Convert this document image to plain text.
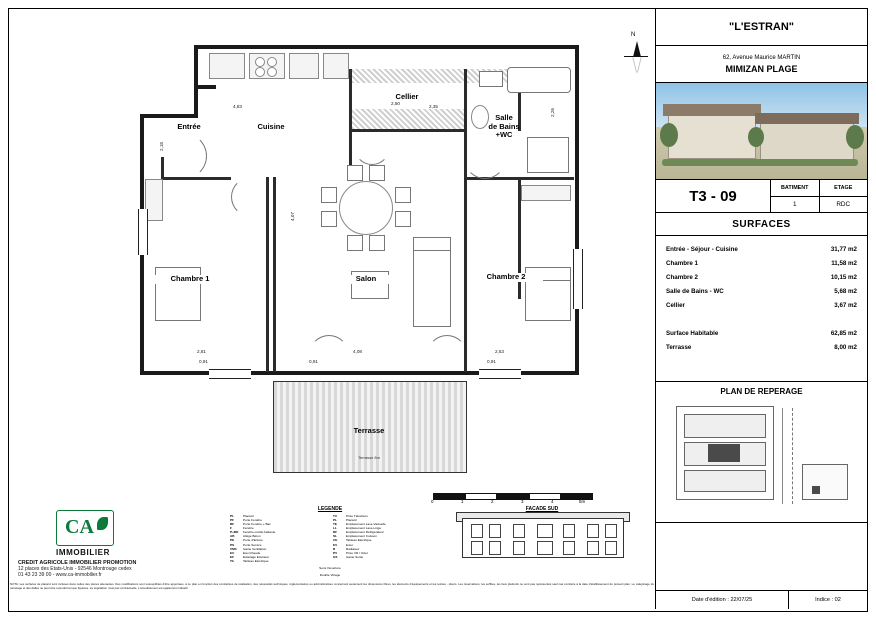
N
Terrasse
Terrasse 8m
Entrée	Cuisine
Cellier
Salle
de Bains
+WC
Chambre 1	Chambre 2
Salon
4,83
2,50
2,35
2,26
2,18
4,07
2,81	4,08	2,53
0,91	0,91	0,91
0	1	2	3	4	5m
CA
IMMOBILIER
CREDIT AGRICOLE IMMOBILIER PROMOTION
12 places des Etats-Unis - 92546 Montrouge cedex
01 43 23 39 00 - www.ca-immobilier.fr
LEGENDE
PL	Placard
PF	Porte Fenêtre
BF	Porte Fenêtre + Bac
F	Fenêtre
P+BD Fenêtre oscillo-battante
AB	Allège Béton
PE	Porte d'Entrée
PS	Porte Service
VMC Gaine Ventilation
EC	Eau Chaude
EF	Eclairage Extérieur
TA	Tableau Electrique
TV	Prise Télévision
PL	Placard
TE	Emplacement Lave-Vaisselle
LL	Emplacement Lave-Linge
RF	Emplacement Réfrigérateur
SL	Emplacement Cuisson
CE	Tableau Electrique
EV	Evier
R	Radiateur
PV	Prise VR / Volet
GS	Gaine Sortie
Sens Ouverture
Double Vitrage
FACADE SUD
NOTA: Les surfaces de placard sont incluses dans celles des pièces attenantes. Des modifications sont susceptibles d'être apportées, à ce plan en fonction des contraintes de réalisation, des nécessités techniques, réglementaires ou administratives concernant seulement les dimensions libres, les éléments d'équipements et les teintes - divers. Les réservations, les soffites, les faux plafonds ne sont pas représentés sauf cas contraire à la date d'établissement du présent plan. Le calepinage du carrelage et des dalles ne peut être reproduit tel que figurées. La végétation n'est pas contractuelle. L'ameublement est également indicatif.
"L'ESTRAN"
62, Avenue Maurice MARTIN
MIMIZAN PLAGE
T3 - 09	BATIMENT	ETAGE
1	RDC
SURFACES
Entrée - Séjour - Cuisine	31,77 m2
Chambre 1	11,58 m2
Chambre 2	10,15 m2
Salle de Bains - WC	5,68 m2
Cellier	3,67 m2
Surface Habitable	62,85 m2
Terrasse	8,00 m2
PLAN DE REPERAGE
Date d'édition : 22/07/25	Indice : 02
